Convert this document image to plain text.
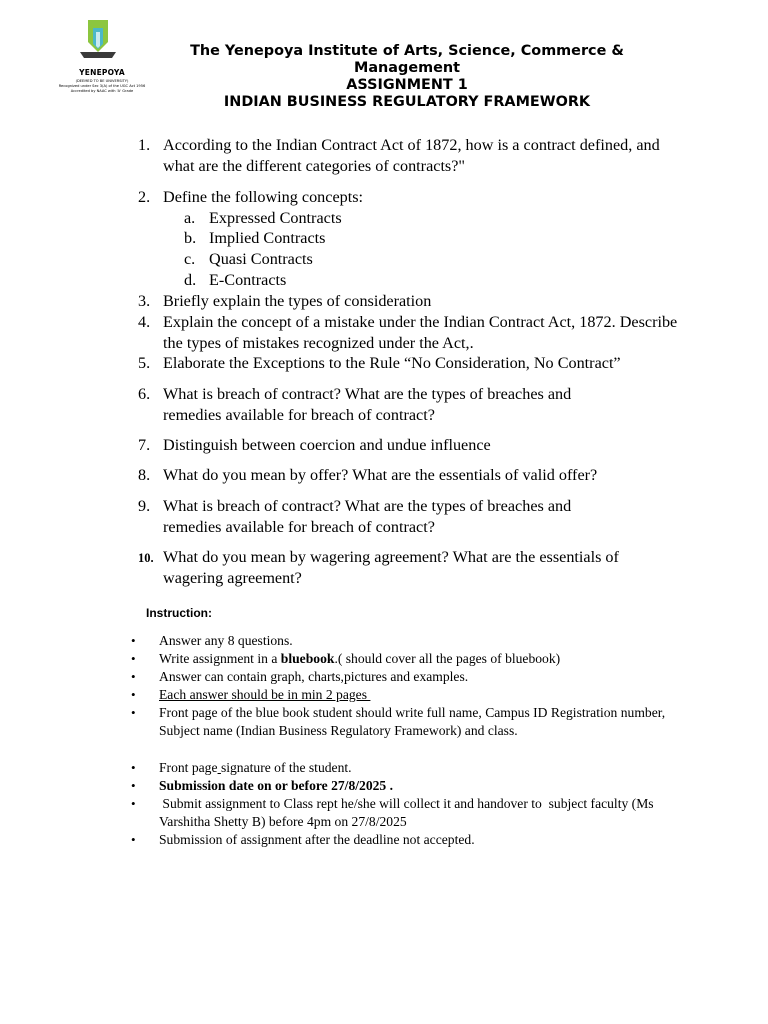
YENEPOYA
(DEEMED TO BE UNIVERSITY)
Recognized under Sec 3(A) of the UGC Act 1956
Accredited by NAAC with 'A' Grade
The Yenepoya Institute of Arts, Science, Commerce & Management
ASSIGNMENT 1
INDIAN BUSINESS REGULATORY FRAMEWORK
1. According to the Indian Contract Act of 1872, how is a contract defined, and what are the different categories of contracts?"
2. Define the following concepts:
a. Expressed Contracts
b. Implied Contracts
c. Quasi Contracts
d. E-Contracts
3. Briefly explain the types of consideration
4. Explain the concept of a mistake under the Indian Contract Act, 1872. Describe the types of mistakes recognized under the Act,.
5. Elaborate the Exceptions to the Rule “No Consideration, No Contract”
6. What is breach of contract? What are the types of breaches and remedies available for breach of contract?
7. Distinguish between coercion and undue influence
8. What do you mean by offer? What are the essentials of valid offer?
9. What is breach of contract? What are the types of breaches and remedies available for breach of contract?
10. What do you mean by wagering agreement? What are the essentials of wagering agreement?
Instruction:
• Answer any 8 questions.
• Write assignment in a bluebook.( should cover all the pages of bluebook)
• Answer can contain graph, charts,pictures and examples.
• Each answer should be in min 2 pages
• Front page of the blue book student should write full name, Campus ID Registration number, Subject name (Indian Business Regulatory Framework) and class.
• Front page signature of the student.
• Submission date on or before 27/8/2025 .
• Submit assignment to Class rept he/she will collect it and handover to  subject faculty (Ms Varshitha Shetty B) before 4pm on 27/8/2025
• Submission of assignment after the deadline not accepted.
